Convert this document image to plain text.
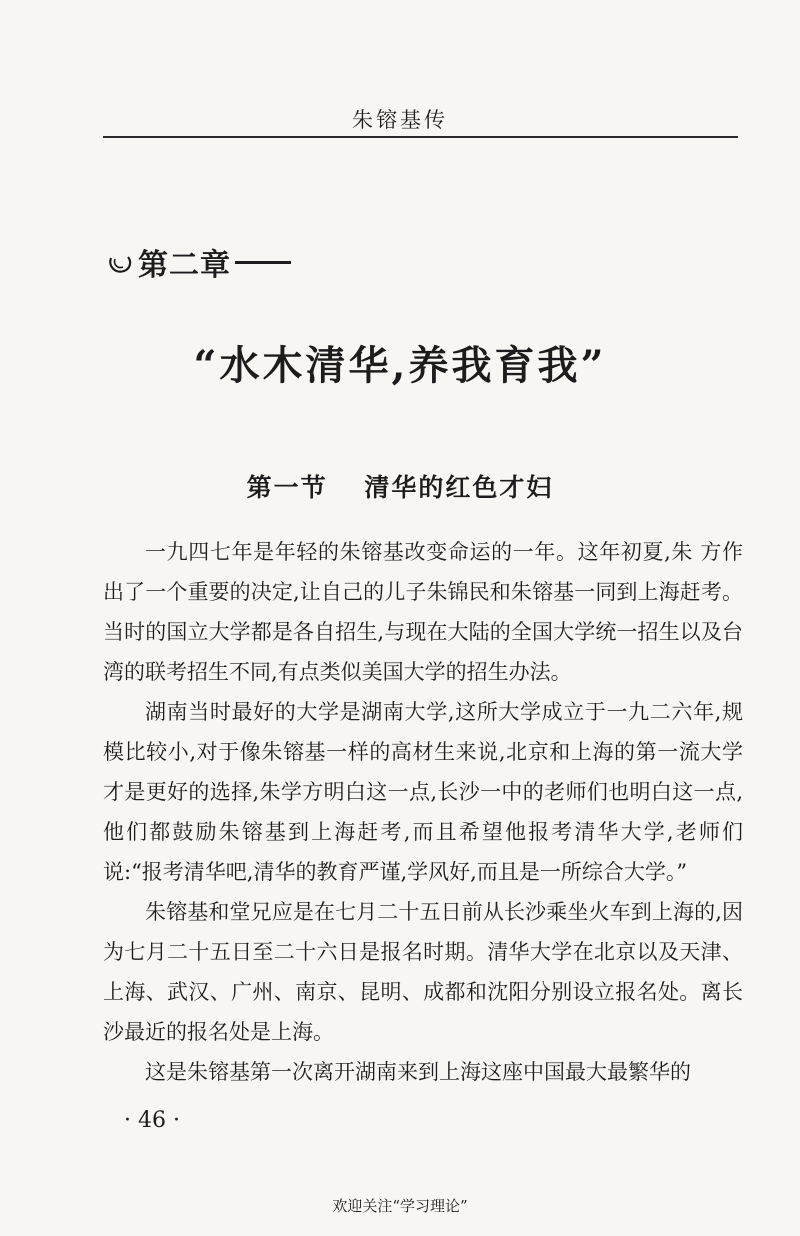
朱镕基传
第二章
“水木清华,养我育我”
第一节 清华的红色才妇

一九四七年是年轻的朱镕基改变命运的一年。这年初夏,朱 方作出了一个重要的决定,让自己的儿子朱锦民和朱镕基一同到上海赶考。当时的国立大学都是各自招生,与现在大陆的全国大学统一招生以及台湾的联考招生不同,有点类似美国大学的招生办法。

湖南当时最好的大学是湖南大学,这所大学成立于一九二六年,规模比较小,对于像朱镕基一样的高材生来说,北京和上海的第一流大学才是更好的选择,朱学方明白这一点,长沙一中的老师们也明白这一点,他们都鼓励朱镕基到上海赶考,而且希望他报考清华大学,老师们说:“报考清华吧,清华的教育严谨,学风好,而且是一所综合大学。”

朱镕基和堂兄应是在七月二十五日前从长沙乘坐火车到上海的,因为七月二十五日至二十六日是报名时期。清华大学在北京以及天津、上海、武汉、广州、南京、昆明、成都和沈阳分别设立报名处。离长沙最近的报名处是上海。

这是朱镕基第一次离开湖南来到上海这座中国最大最繁华的

· 46 ·
欢迎关注“学习理论”
